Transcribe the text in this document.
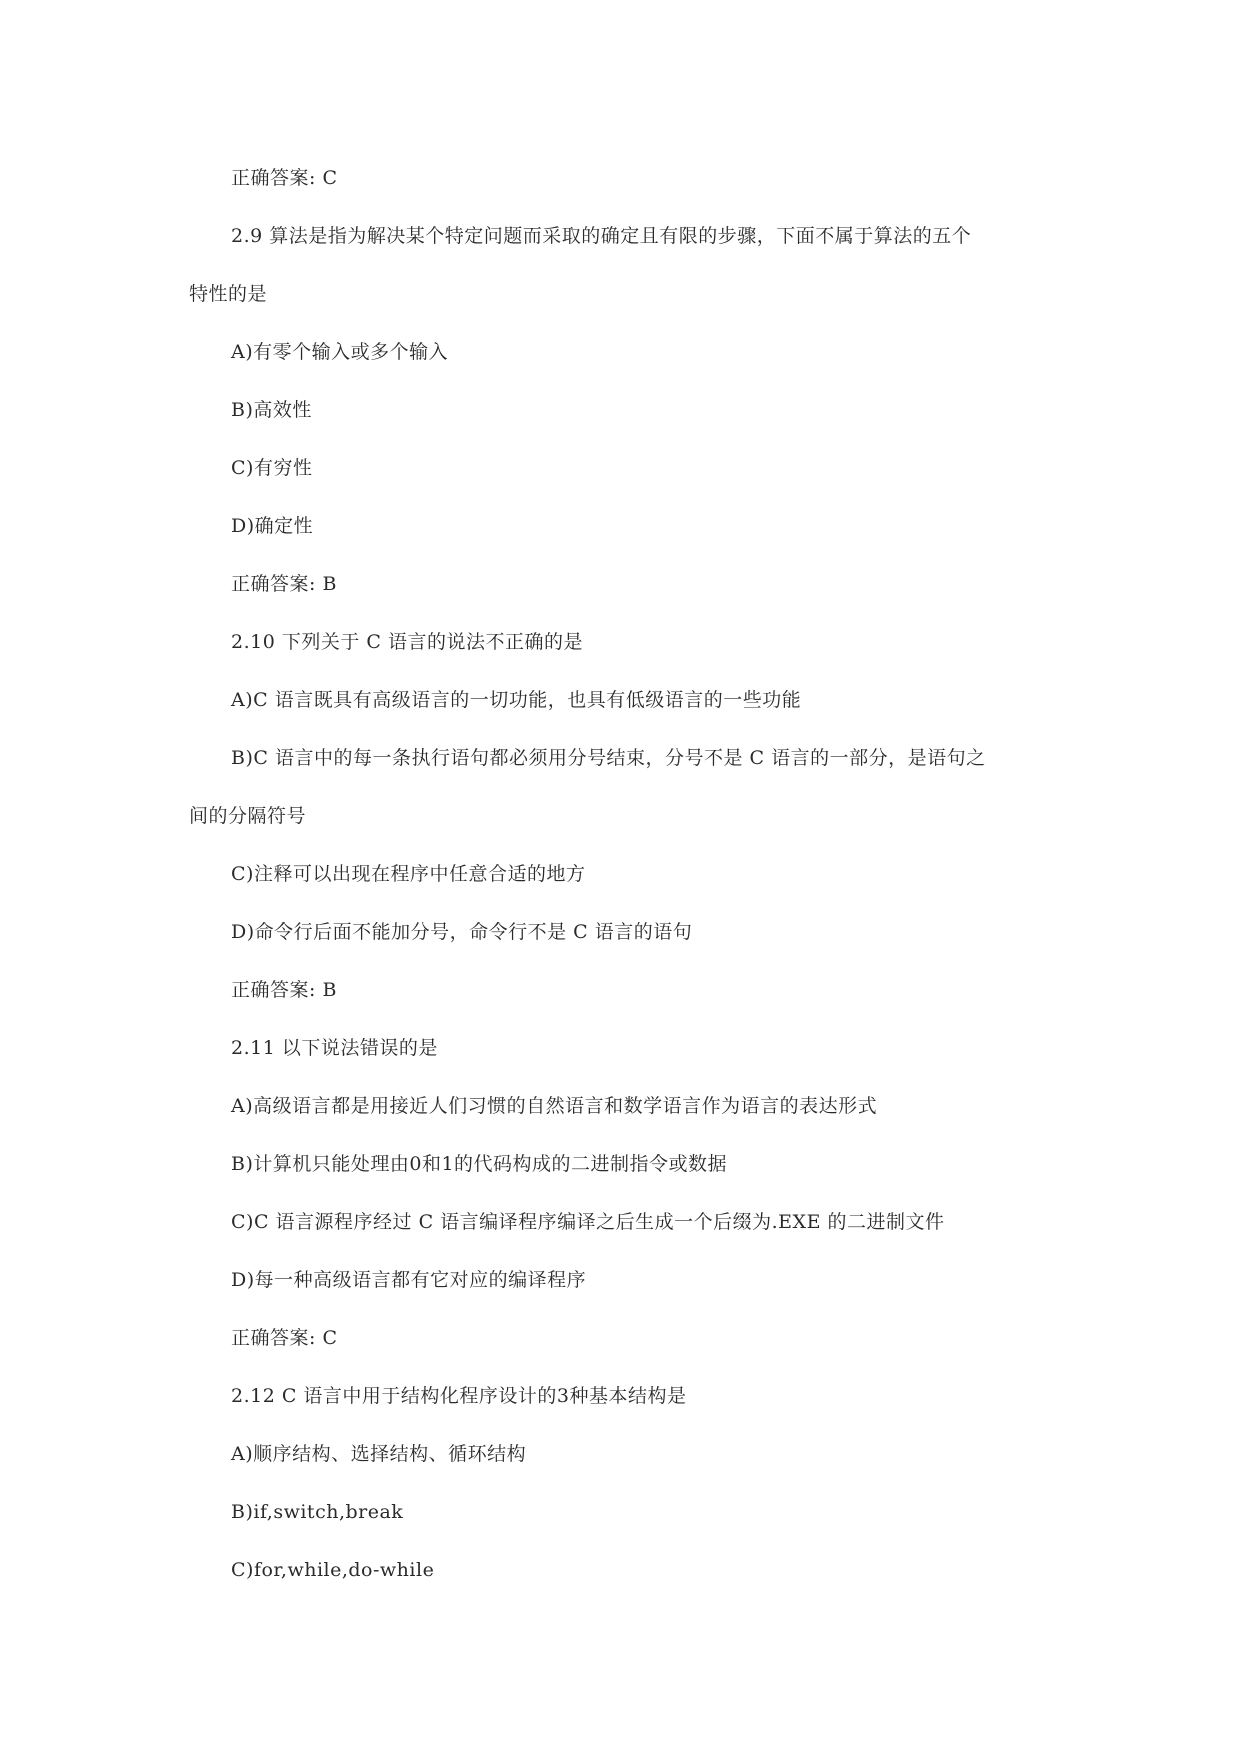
正确答案: C
2.9 算法是指为解决某个特定问题而采取的确定且有限的步骤，下面不属于算法的五个
特性的是
A)有零个输入或多个输入
B)高效性
C)有穷性
D)确定性
正确答案: B
2.10 下列关于 C 语言的说法不正确的是
A)C 语言既具有高级语言的一切功能，也具有低级语言的一些功能
B)C 语言中的每一条执行语句都必须用分号结束，分号不是 C 语言的一部分，是语句之
间的分隔符号
C)注释可以出现在程序中任意合适的地方
D)命令行后面不能加分号，命令行不是 C 语言的语句
正确答案: B
2.11 以下说法错误的是
A)高级语言都是用接近人们习惯的自然语言和数学语言作为语言的表达形式
B)计算机只能处理由0和1的代码构成的二进制指令或数据
C)C 语言源程序经过 C 语言编译程序编译之后生成一个后缀为.EXE 的二进制文件
D)每一种高级语言都有它对应的编译程序
正确答案: C
2.12 C 语言中用于结构化程序设计的3种基本结构是
A)顺序结构、选择结构、循环结构
B)if,switch,break
C)for,while,do-while
